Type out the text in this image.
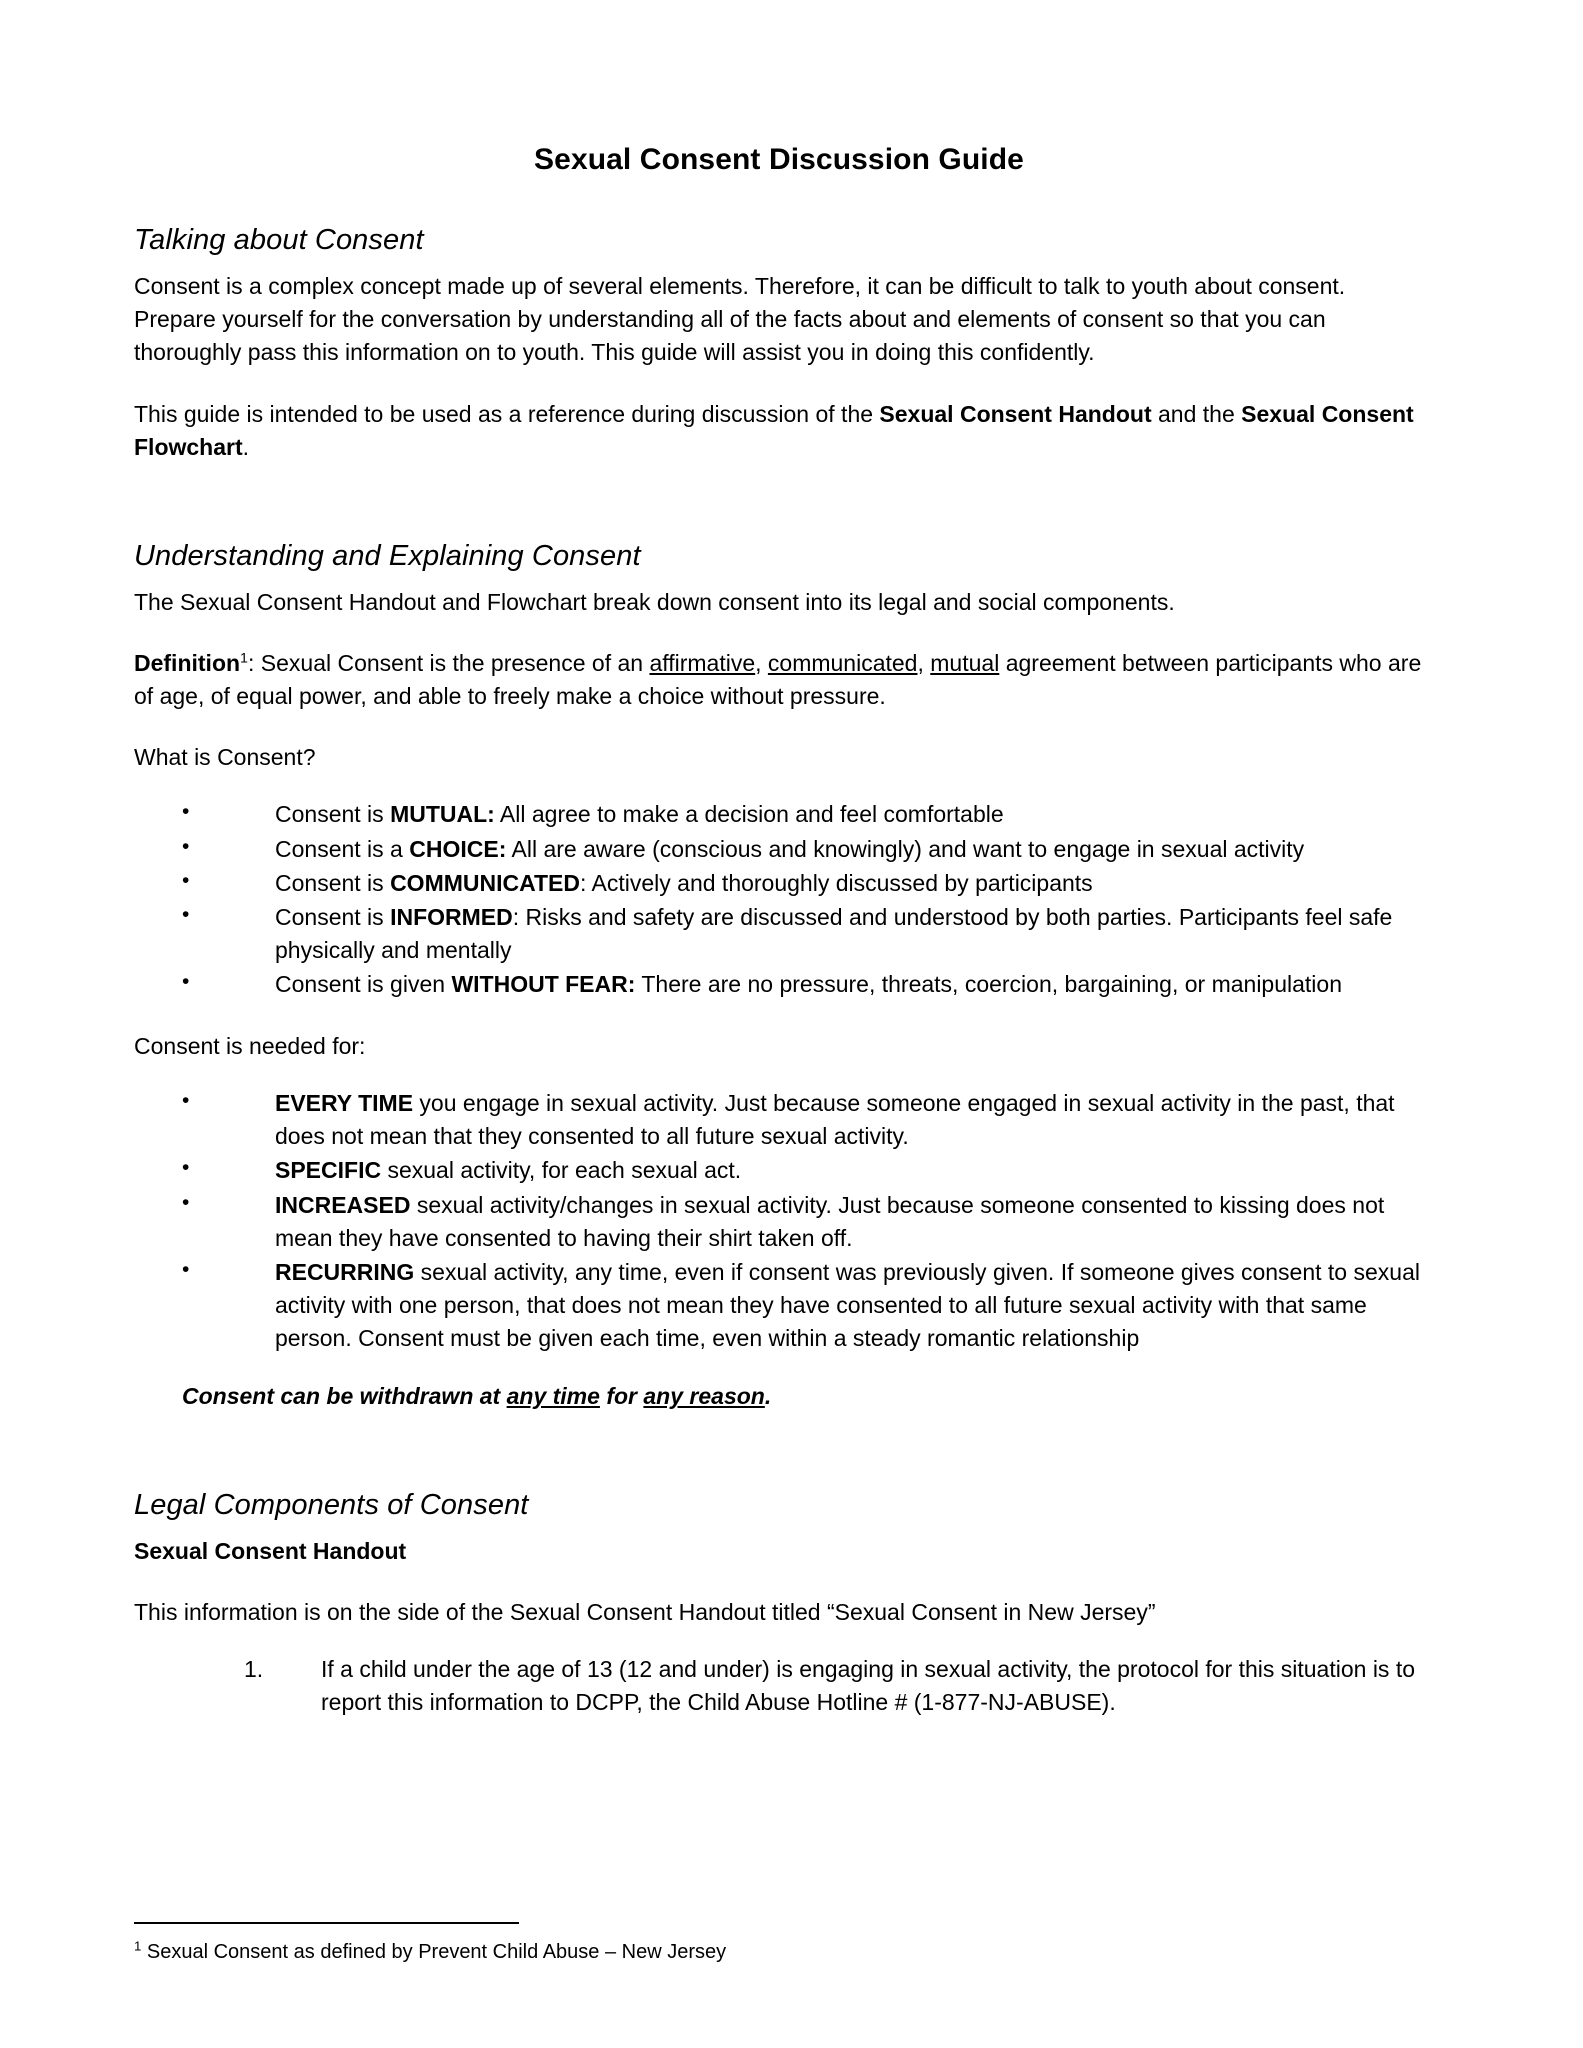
Sexual Consent Discussion Guide
Talking about Consent

Consent is a complex concept made up of several elements. Therefore, it can be difficult to talk to youth about consent. Prepare yourself for the conversation by understanding all of the facts about and elements of consent so that you can thoroughly pass this information on to youth. This guide will assist you in doing this confidently.

This guide is intended to be used as a reference during discussion of the Sexual Consent Handout and the Sexual Consent Flowchart.

Understanding and Explaining Consent

The Sexual Consent Handout and Flowchart break down consent into its legal and social components.

Definition$^1$: Sexual Consent is the presence of an affirmative, communicated, mutual agreement between participants who are of age, of equal power, and able to freely make a choice without pressure.

What is Consent?

• Consent is MUTUAL: All agree to make a decision and feel comfortable
• Consent is a CHOICE: All are aware (conscious and knowingly) and want to engage in sexual activity
• Consent is COMMUNICATED: Actively and thoroughly discussed by participants
• Consent is INFORMED: Risks and safety are discussed and understood by both parties. Participants feel safe physically and mentally
• Consent is given WITHOUT FEAR: There are no pressure, threats, coercion, bargaining, or manipulation

Consent is needed for:

• EVERY TIME you engage in sexual activity. Just because someone engaged in sexual activity in the past, that does not mean that they consented to all future sexual activity.
• SPECIFIC sexual activity, for each sexual act.
• INCREASED sexual activity/changes in sexual activity. Just because someone consented to kissing does not mean they have consented to having their shirt taken off.
• RECURRING sexual activity, any time, even if consent was previously given. If someone gives consent to sexual activity with one person, that does not mean they have consented to all future sexual activity with that same person. Consent must be given each time, even within a steady romantic relationship

Consent can be withdrawn at any time for any reason.

Legal Components of Consent
Sexual Consent Handout

This information is on the side of the Sexual Consent Handout titled “Sexual Consent in New Jersey”

If a child under the age of 13 (12 and under) is engaging in sexual activity, the protocol for this situation is to report this information to DCPP, the Child Abuse Hotline # (1-877-NJ-ABUSE).

$^1$ Sexual Consent as defined by Prevent Child Abuse – New Jersey
